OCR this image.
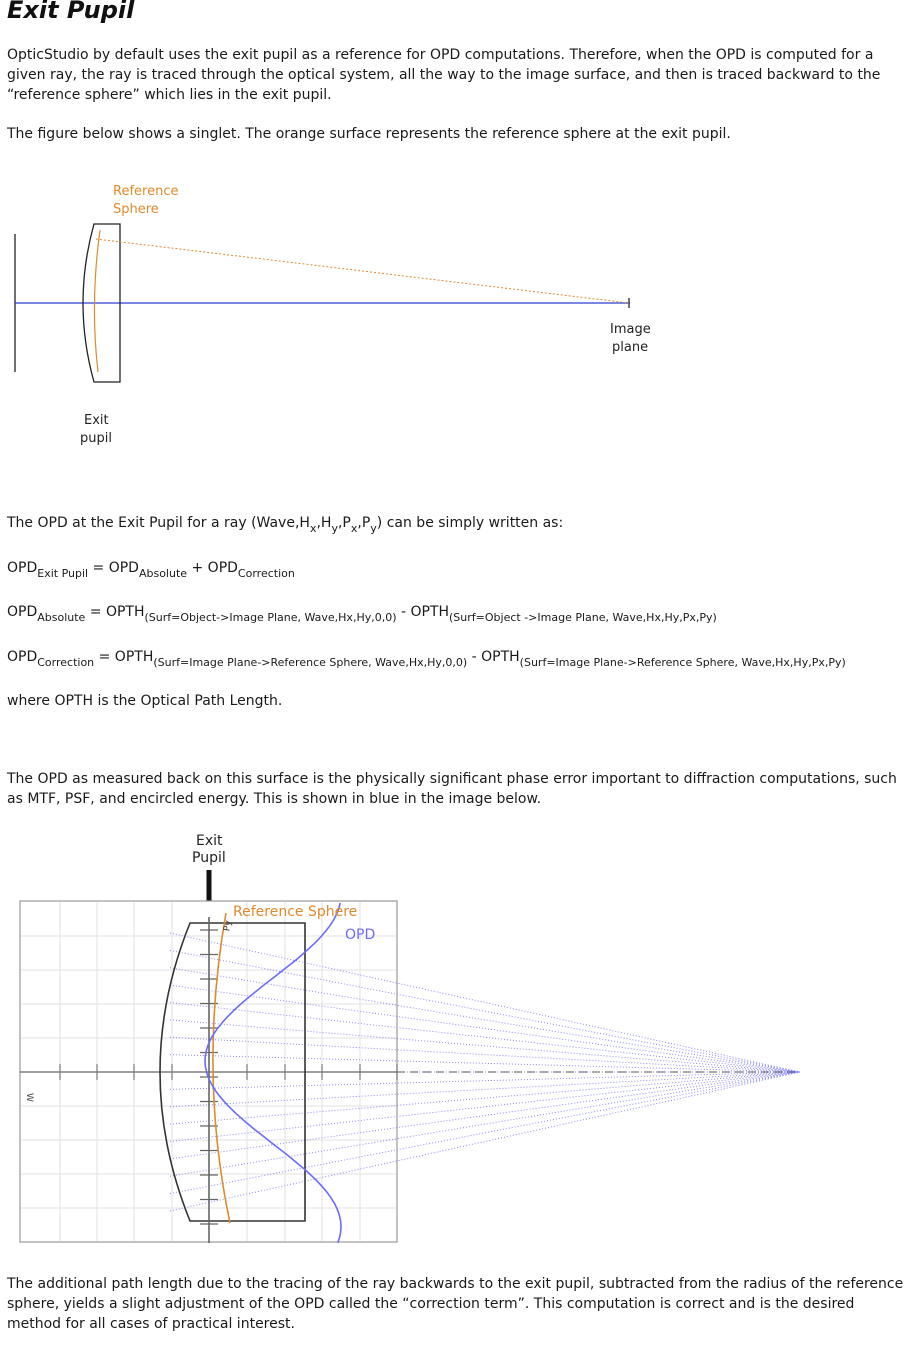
Exit Pupil

OpticStudio by default uses the exit pupil as a reference for OPD computations. Therefore, when the OPD is computed for a given ray, the ray is traced through the optical system, all the way to the image surface, and then is traced backward to the “reference sphere” which lies in the exit pupil.

The figure below shows a singlet. The orange surface represents the reference sphere at the exit pupil.

Reference
Sphere
Image
plane
Exit
pupil

The OPD at the Exit Pupil for a ray $(Wave,H_x,H_y,P_x,P_y)$ can be simply written as:

$OPD_{Exit Pupil} = OPD_{Absolute} + OPD_{Correction}$

$OPD_{Absolute}$ = $OPTH_{(Surf=Object->Image Plane, Wave,Hx,Hy,0,0)}$ - $OPTH_{(Surf=Object ->Image Plane, Wave,Hx,Hy,Px,Py)}$

$OPD_{Correction}$ = $OPTH_{(Surf=Image Plane->Reference Sphere, Wave,Hx,Hy,0,0)}$ - $OPTH_{(Surf=Image Plane->Reference Sphere, Wave,Hx,Hy,Px,Py)}$

where OPTH is the Optical Path Length.

The OPD as measured back on this surface is the physically significant phase error important to diffraction computations, such as MTF, PSF, and encircled energy. This is shown in blue in the image below.

Exit
Pupil
Reference Sphere
OPD
Py
W

The additional path length due to the tracing of the ray backwards to the exit pupil, subtracted from the radius of the reference sphere, yields a slight adjustment of the OPD called the “correction term”. This computation is correct and is the desired method for all cases of practical interest.
